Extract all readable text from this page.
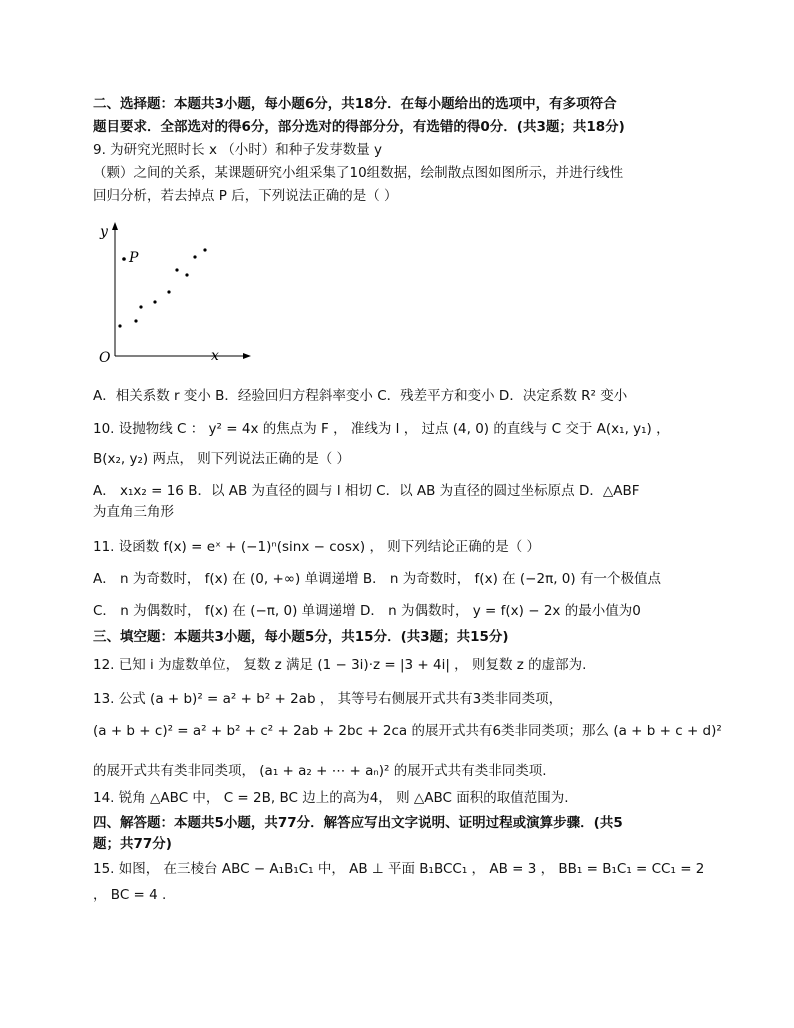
二、选择题：本题共3小题，每小题6分，共18分．在每小题给出的选项中，有多项符合
题目要求．全部选对的得6分，部分选对的得部分分，有选错的得0分．(共3题；共18分)
9. 为研究光照时长 x （小时）和种子发芽数量 y
（颗）之间的关系，某课题研究小组采集了10组数据，绘制散点图如图所示，并进行线性
回归分析，若去掉点 P 后，下列说法正确的是（ ）
y
x
O
P
A．相关系数 r 变小 B．经验回归方程斜率变小 C．残差平方和变小 D．决定系数 R² 变小
10. 设抛物线 C ： y² = 4x 的焦点为 F ， 准线为 l ， 过点 (4, 0) 的直线与 C 交于 A(x₁, y₁) ，
B(x₂, y₂) 两点， 则下列说法正确的是（ ）
A． x₁x₂ = 16 B．以 AB 为直径的圆与 l 相切 C．以 AB 为直径的圆过坐标原点 D．△ABF
为直角三角形
11. 设函数 f(x) = eˣ + (−1)ⁿ(sinx − cosx) ， 则下列结论正确的是（ ）
A． n 为奇数时， f(x) 在 (0, +∞) 单调递增 B． n 为奇数时， f(x) 在 (−2π, 0) 有一个极值点
C． n 为偶数时， f(x) 在 (−π, 0) 单调递增 D． n 为偶数时， y = f(x) − 2x 的最小值为0
三、填空题：本题共3小题，每小题5分，共15分．(共3题；共15分)
12. 已知 i 为虚数单位， 复数 z 满足 (1 − 3i)·z = |3 + 4i| ， 则复数 z 的虚部为.
13. 公式 (a + b)² = a² + b² + 2ab ， 其等号右侧展开式共有3类非同类项，
(a + b + c)² = a² + b² + c² + 2ab + 2bc + 2ca 的展开式共有6类非同类项；那么 (a + b + c + d)²
的展开式共有类非同类项， (a₁ + a₂ + ⋯ + aₙ)² 的展开式共有类非同类项.
14. 锐角 △ABC 中， C = 2B, BC 边上的高为4， 则 △ABC 面积的取值范围为.
四、解答题：本题共5小题，共77分．解答应写出文字说明、证明过程或演算步骤．(共5
题；共77分)
15. 如图， 在三棱台 ABC − A₁B₁C₁ 中， AB ⊥ 平面 B₁BCC₁ ， AB = 3 ， BB₁ = B₁C₁ = CC₁ = 2
， BC = 4 .
